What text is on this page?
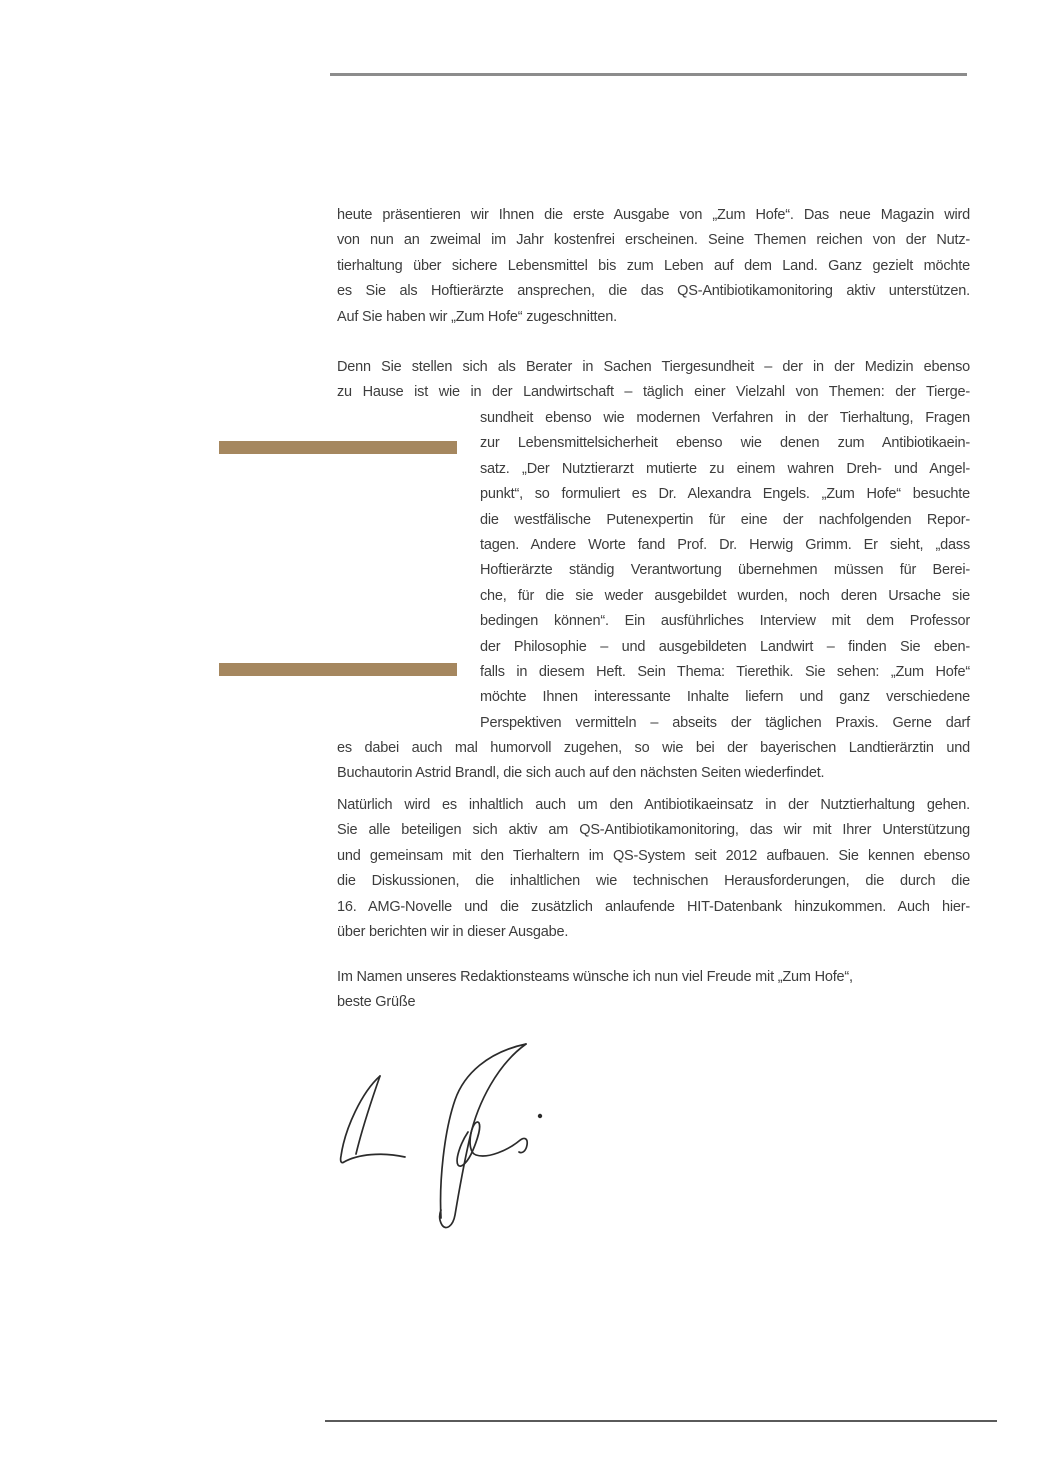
heute präsentieren wir Ihnen die erste Ausgabe von „Zum Hofe“. Das neue Magazin wird
von nun an zweimal im Jahr kostenfrei erscheinen. Seine Themen reichen von der Nutz-
tierhaltung über sichere Lebensmittel bis zum Leben auf dem Land. Ganz gezielt möchte
es Sie als Hoftierärzte ansprechen, die das QS-Antibiotikamonitoring aktiv unterstützen.
Auf Sie haben wir „Zum Hofe“ zugeschnitten.
Denn Sie stellen sich als Berater in Sachen Tiergesundheit – der in der Medizin ebenso
zu Hause ist wie in der Landwirtschaft – täglich einer Vielzahl von Themen: der Tierge-
sundheit ebenso wie modernen Verfahren in der Tierhaltung, Fragen
zur Lebensmittelsicherheit ebenso wie denen zum Antibiotikaein-
satz. „Der Nutztierarzt mutierte zu einem wahren Dreh- und Angel-
punkt“, so formuliert es Dr. Alexandra Engels. „Zum Hofe“ besuchte
die westfälische Putenexpertin für eine der nachfolgenden Repor-
tagen. Andere Worte fand Prof. Dr. Herwig Grimm. Er sieht, „dass
Hoftierärzte ständig Verantwortung übernehmen müssen für Berei-
che, für die sie weder ausgebildet wurden, noch deren Ursache sie
bedingen können“. Ein ausführliches Interview mit dem Professor
der Philosophie – und ausgebildeten Landwirt – finden Sie eben-
falls in diesem Heft. Sein Thema: Tierethik. Sie sehen: „Zum Hofe“
möchte Ihnen interessante Inhalte liefern und ganz verschiedene
Perspektiven vermitteln – abseits der täglichen Praxis. Gerne darf
es dabei auch mal humorvoll zugehen, so wie bei der bayerischen Landtierärztin und
Buchautorin Astrid Brandl, die sich auch auf den nächsten Seiten wiederfindet.
Natürlich wird es inhaltlich auch um den Antibiotikaeinsatz in der Nutztierhaltung gehen.
Sie alle beteiligen sich aktiv am QS-Antibiotikamonitoring, das wir mit Ihrer Unterstützung
und gemeinsam mit den Tierhaltern im QS-System seit 2012 aufbauen. Sie kennen ebenso
die Diskussionen, die inhaltlichen wie technischen Herausforderungen, die durch die
16. AMG-Novelle und die zusätzlich anlaufende HIT-Datenbank hinzukommen. Auch hier-
über berichten wir in dieser Ausgabe.
Im Namen unseres Redaktionsteams wünsche ich nun viel Freude mit „Zum Hofe“,
beste Grüße
